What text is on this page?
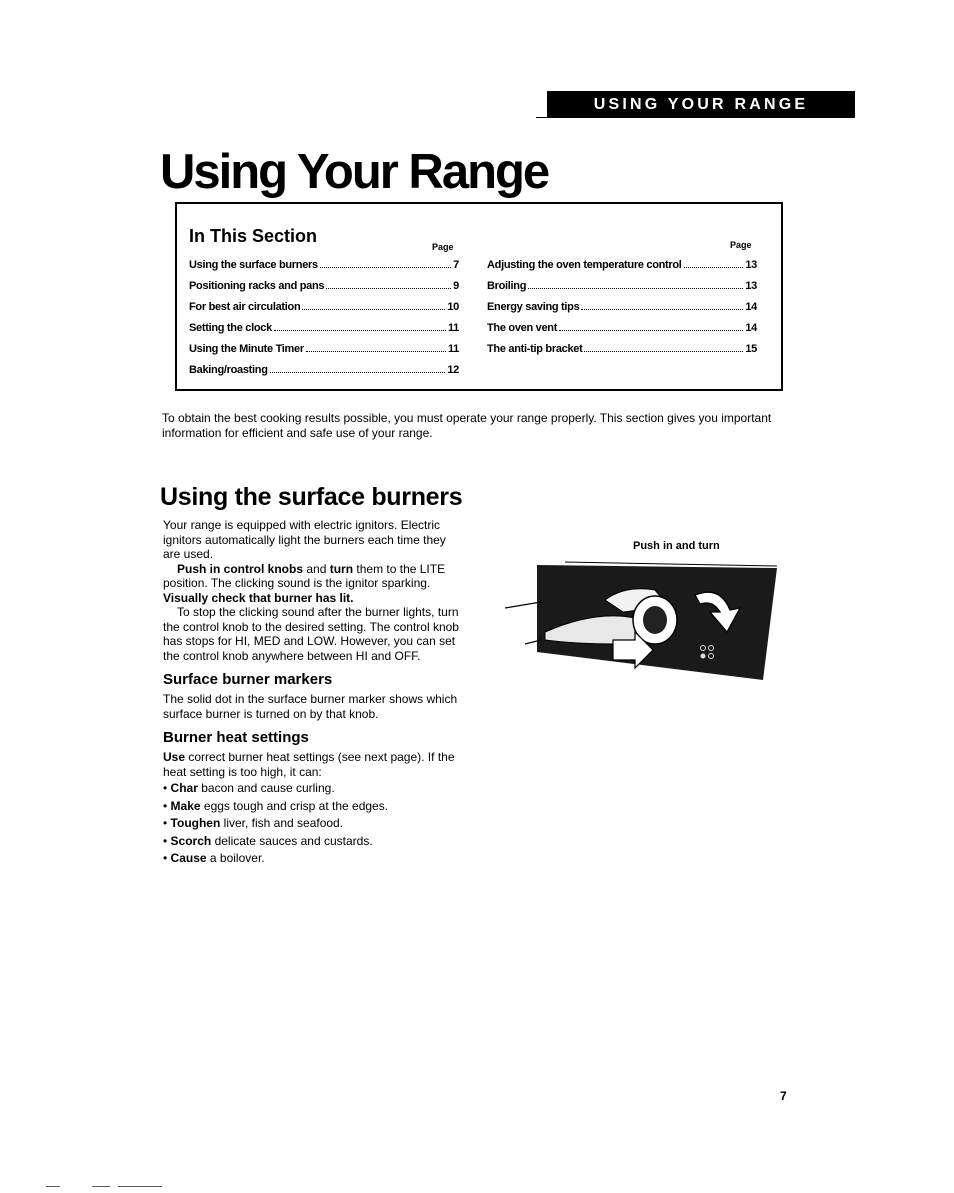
USING YOUR RANGE
Using Your Range
In This Section
Page	Page
Using the surface burners	7
Positioning racks and pans	9
For best air circulation	10
Setting the clock	11
Using the Minute Timer	11
Baking/roasting	12
Adjusting the oven temperature control	13
Broiling	13
Energy saving tips	14
The oven vent	14
The anti-tip bracket	15

To obtain the best cooking results possible, you must operate your range properly. This section gives you important information for efficient and safe use of your range.

Using the surface burners

Your range is equipped with electric ignitors. Electric ignitors automatically light the burners each time they are used.

Push in control knobs and turn them to the LITE position. The clicking sound is the ignitor sparking. Visually check that burner has lit.

To stop the clicking sound after the burner lights, turn the control knob to the desired setting. The control knob has stops for HI, MED and LOW. However, you can set the control knob anywhere between HI and OFF.

Surface burner markers

The solid dot in the surface burner marker shows which surface burner is turned on by that knob.

Burner heat settings

Use correct burner heat settings (see next page). If the heat setting is too high, it can:

• Char bacon and cause curling.
• Make eggs tough and crisp at the edges.
• Toughen liver, fish and seafood.
• Scorch delicate sauces and custards.
• Cause a boilover.
Push in and turn
7
